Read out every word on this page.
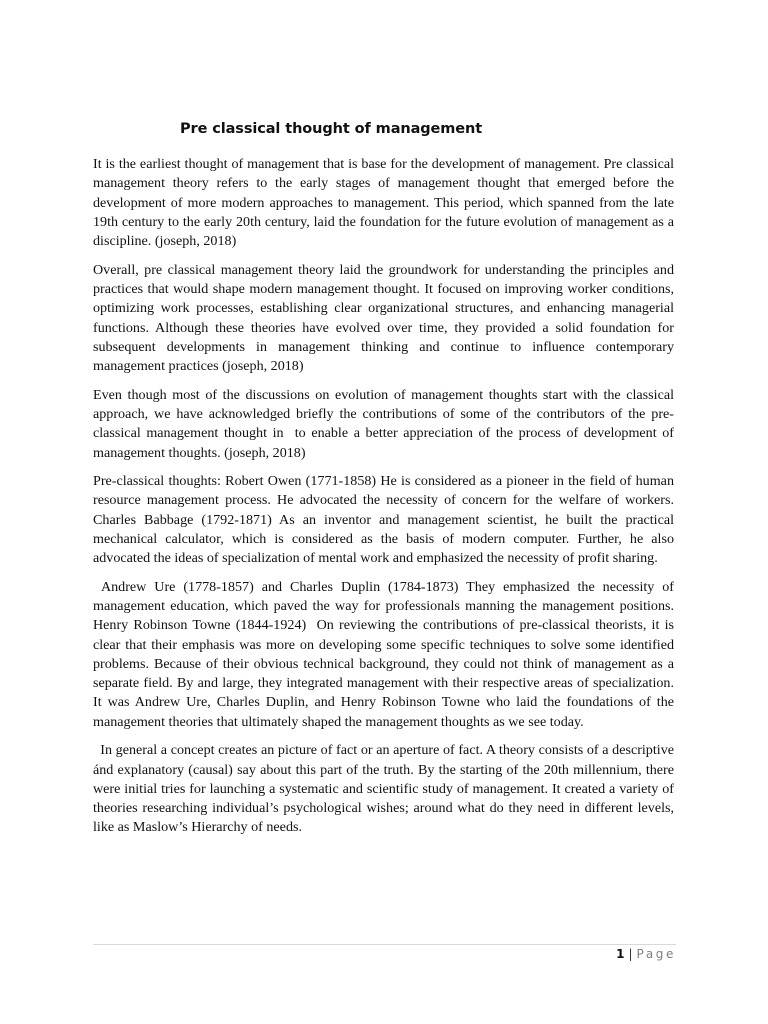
Pre classical thought of management

It is the earliest thought of management that is base for the development of management. Pre classical management theory refers to the early stages of management thought that emerged before the development of more modern approaches to management. This period, which spanned from the late 19th century to the early 20th century, laid the foundation for the future evolution of management as a discipline. (joseph, 2018)

Overall, pre classical management theory laid the groundwork for understanding the principles and practices that would shape modern management thought. It focused on improving worker conditions, optimizing work processes, establishing clear organizational structures, and enhancing managerial functions. Although these theories have evolved over time, they provided a solid foundation for subsequent developments in management thinking and continue to influence contemporary management practices (joseph, 2018)

Even though most of the discussions on evolution of management thoughts start with the classical approach, we have acknowledged briefly the contributions of some of the contributors of the pre-classical management thought in  to enable a better appreciation of the process of development of management thoughts. (joseph, 2018)

Pre-classical thoughts: Robert Owen (1771-1858) He is considered as a pioneer in the field of human resource management process. He advocated the necessity of concern for the welfare of workers. Charles Babbage (1792-1871) As an inventor and management scientist, he built the practical mechanical calculator, which is considered as the basis of modern computer. Further, he also advocated the ideas of specialization of mental work and emphasized the necessity of profit sharing.

Andrew Ure (1778-1857) and Charles Duplin (1784-1873) They emphasized the necessity of management education, which paved the way for professionals manning the management positions. Henry Robinson Towne (1844-1924)  On reviewing the contributions of pre-classical theorists, it is clear that their emphasis was more on developing some specific techniques to solve some identified problems. Because of their obvious technical background, they could not think of management as a separate field. By and large, they integrated management with their respective areas of specialization. It was Andrew Ure, Charles Duplin, and Henry Robinson Towne who laid the foundations of the management theories that ultimately shaped the management thoughts as we see today.

In general a concept creates an picture of fact or an aperture of fact. A theory consists of a descriptive ánd explanatory (causal) say about this part of the truth. By the starting of the 20th millennium, there were initial tries for launching a systematic and scientific study of management. It created a variety of theories researching individual’s psychological wishes; around what do they need in different levels, like as Maslow’s Hierarchy of needs.

1 | Page
